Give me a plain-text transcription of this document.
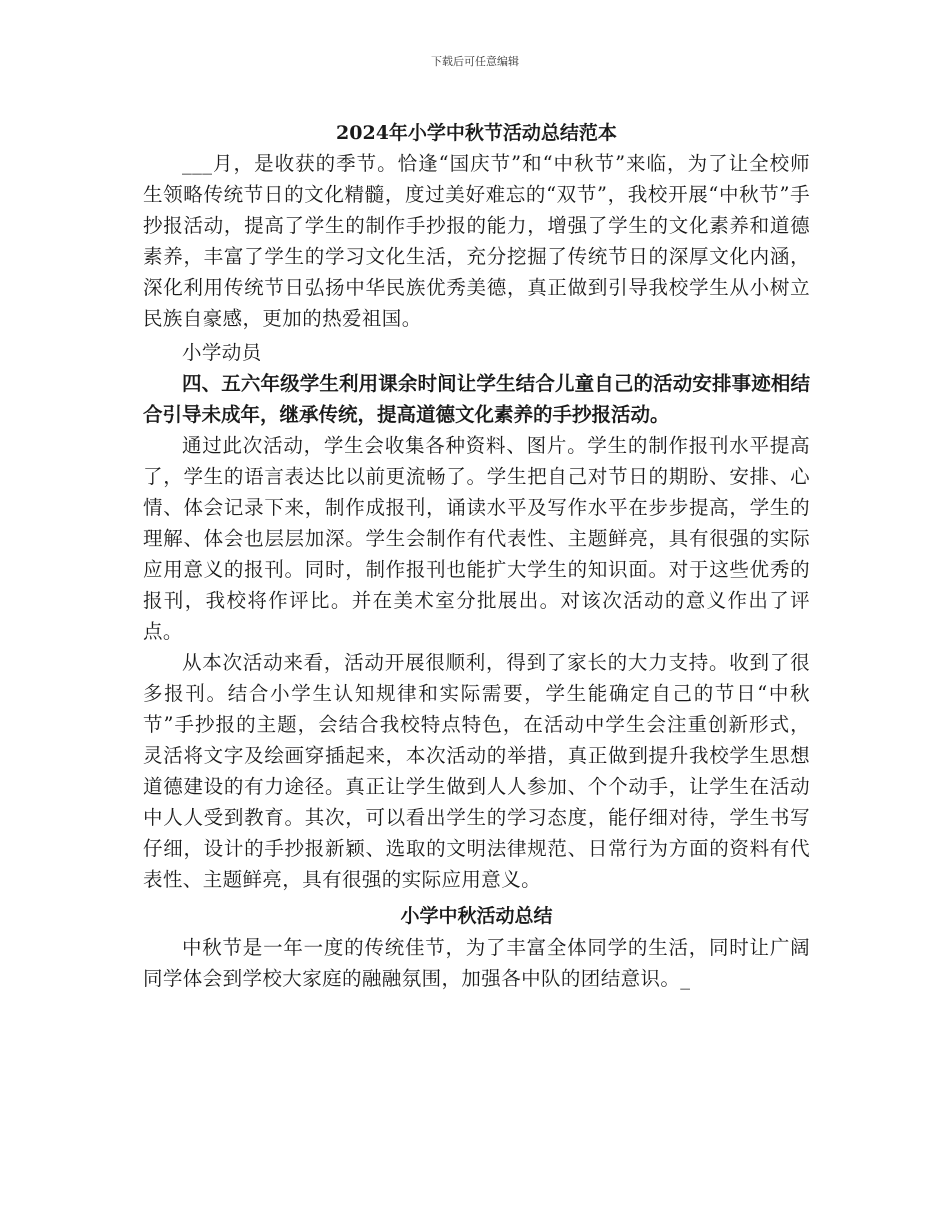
下载后可任意编辑
2024年小学中秋节活动总结范本

___月，是收获的季节。恰逢“国庆节”和“中秋节”来临，为了让全校师生领略传统节日的文化精髓，度过美好难忘的“双节”，我校开展“中秋节”手抄报活动，提高了学生的制作手抄报的能力，增强了学生的文化素养和道德素养，丰富了学生的学习文化生活，充分挖掘了传统节日的深厚文化内涵，深化利用传统节日弘扬中华民族优秀美德，真正做到引导我校学生从小树立民族自豪感，更加的热爱祖国。

小学动员

四、五六年级学生利用课余时间让学生结合儿童自己的活动安排事迹相结合引导未成年，继承传统，提高道德文化素养的手抄报活动。

通过此次活动，学生会收集各种资料、图片。学生的制作报刊水平提高了，学生的语言表达比以前更流畅了。学生把自己对节日的期盼、安排、心情、体会记录下来，制作成报刊，诵读水平及写作水平在步步提高，学生的理解、体会也层层加深。学生会制作有代表性、主题鲜亮，具有很强的实际应用意义的报刊。同时，制作报刊也能扩大学生的知识面。对于这些优秀的报刊，我校将作评比。并在美术室分批展出。对该次活动的意义作出了评点。

从本次活动来看，活动开展很顺利，得到了家长的大力支持。收到了很多报刊。结合小学生认知规律和实际需要，学生能确定自己的节日“中秋节”手抄报的主题，会结合我校特点特色，在活动中学生会注重创新形式，灵活将文字及绘画穿插起来，本次活动的举措，真正做到提升我校学生思想道德建设的有力途径。真正让学生做到人人参加、个个动手，让学生在活动中人人受到教育。其次，可以看出学生的学习态度，能仔细对待，学生书写仔细，设计的手抄报新颖、选取的文明法律规范、日常行为方面的资料有代表性、主题鲜亮，具有很强的实际应用意义。

小学中秋活动总结

中秋节是一年一度的传统佳节，为了丰富全体同学的生活，同时让广阔同学体会到学校大家庭的融融氛围，加强各中队的团结意识。_
